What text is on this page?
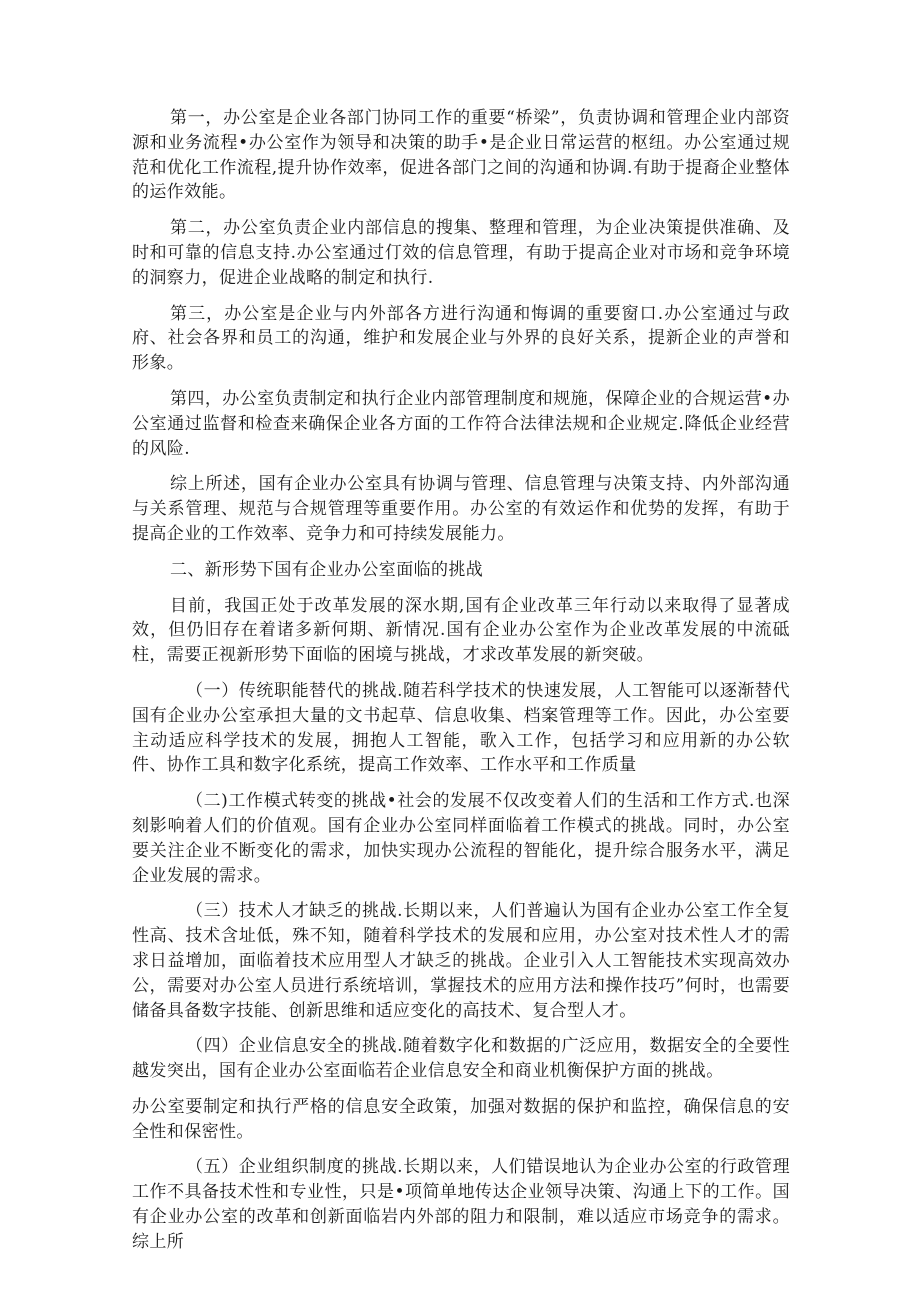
第一，办公室是企业各部门协同工作的重要“桥梁”，负责协调和管理企业内部资源和业务流程•办公室作为领导和决策的助手•是企业日常运营的枢纽。办公室通过规范和优化工作流程,提升协作效率，促进各部门之间的沟通和协调.有助于提裔企业整体的运作效能。

第二，办公室负责企业内部信息的搜集、整理和管理，为企业决策提供准确、及时和可靠的信息支持.办公室通过仃效的信息管理，有助于提高企业对市场和竞争环境的洞察力，促进企业战略的制定和执行.

第三，办公室是企业与内外部各方进行沟通和悔调的重要窗口.办公室通过与政府、社会各界和员工的沟通，维护和发展企业与外界的良好关系，提新企业的声誉和形象。

第四，办公室负责制定和执行企业内部管理制度和规施，保障企业的合规运营•办公室通过监督和检查来确保企业各方面的工作符合法律法规和企业规定.降低企业经营的风险.

综上所述，国有企业办公室具有协调与管理、信息管理与决策支持、内外部沟通与关系管理、规范与合规管理等重要作用。办公室的有效运作和优势的发挥，有助于提高企业的工作效率、竞争力和可持续发展能力。

二、新形势下国有企业办公室面临的挑战

目前，我国正处于改革发展的深水期,国有企业改革三年行动以来取得了显著成效，但仍旧存在着诸多新何期、新情况.国有企业办公室作为企业改革发展的中流砥柱，需要正视新形势下面临的困境与挑战，才求改革发展的新突破。

（一）传统职能替代的挑战.随若科学技术的快速发展，人工智能可以逐渐替代国有企业办公室承担大量的文书起草、信息收集、档案管理等工作。因此，办公室要主动适应科学技术的发展，拥抱人工智能，歌入工作，包括学习和应用新的办公软件、协作工具和数字化系统，提高工作效率、工作水平和工作质量

（二)工作模式转变的挑战•社会的发展不仅改变着人们的生活和工作方式.也深刻影响着人们的价值观。国有企业办公室同样面临着工作模式的挑战。同时，办公室要关注企业不断变化的需求，加快实现办公流程的智能化，提升综合服务水平，满足企业发展的需求。

（三）技术人才缺乏的挑战.长期以来，人们普遍认为国有企业办公室工作全复性高、技术含址低，殊不知，随着科学技术的发展和应用，办公室对技术性人才的需求日益增加，面临着技术应用型人才缺乏的挑战。企业引入人工智能技术实现高效办公，需要对办公室人员进行系统培训，掌握技术的应用方法和操作技巧”何时，也需要储备具备数字技能、创新思维和适应变化的高技术、复合型人才。

（四）企业信息安全的挑战.随着数字化和数据的广泛应用，数据安全的全要性越发突出，国有企业办公室面临若企业信息安全和商业机衡保护方面的挑战。

办公室要制定和执行严格的信息安全政策，加强对数据的保护和监控，确保信息的安全性和保密性。

（五）企业组织制度的挑战.长期以来，人们错误地认为企业办公室的行政管理工作不具备技术性和专业性，只是•项简单地传达企业领导决策、沟通上下的工作。国有企业办公室的改革和创新面临岩内外部的阻力和限制，难以适应市场竞争的需求。综上所
